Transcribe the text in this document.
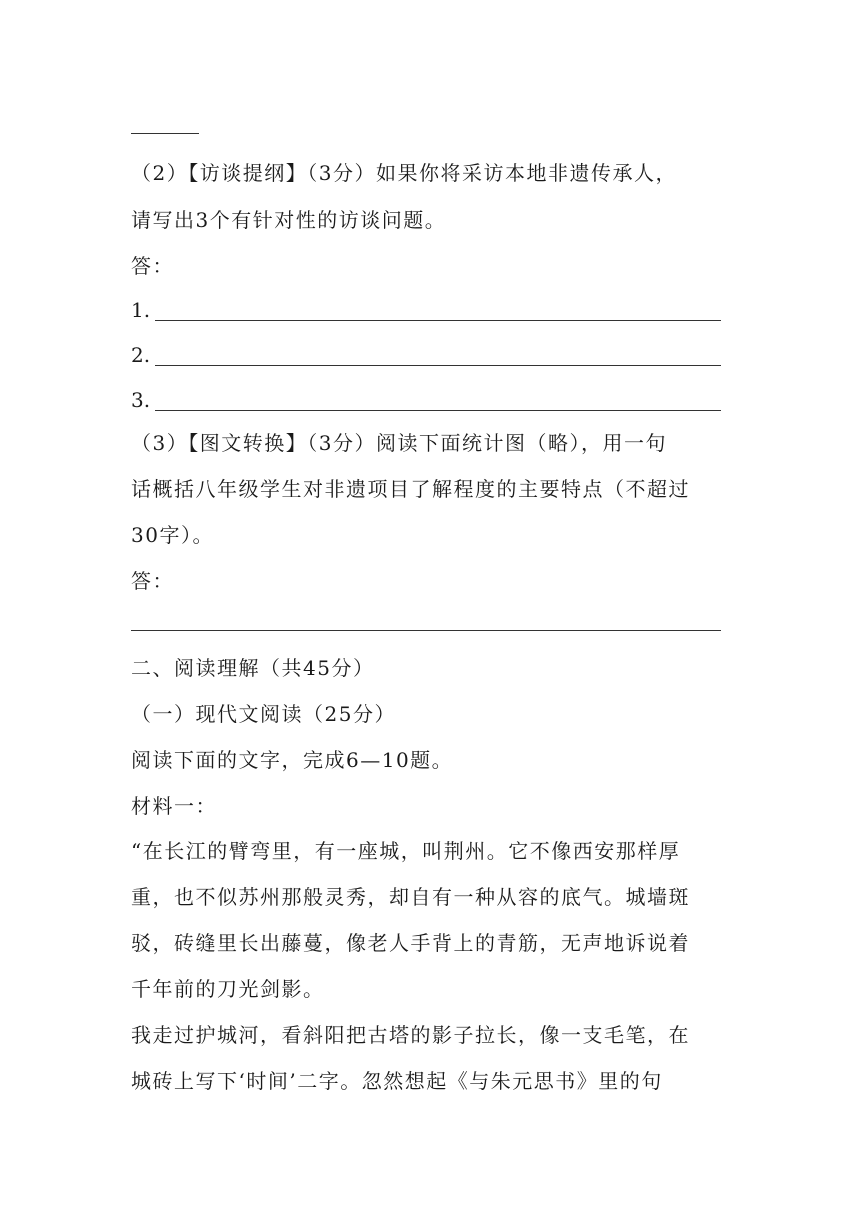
（2）【访谈提纲】（3分）如果你将采访本地非遗传承人，
请写出3个有针对性的访谈问题。
答：
1.
2.
3.
（3）【图文转换】（3分）阅读下面统计图（略），用一句
话概括八年级学生对非遗项目了解程度的主要特点（不超过
30字）。
答：
二、阅读理解（共45分）
（一）现代文阅读（25分）
阅读下面的文字，完成6—10题。
材料一：
“在长江的臂弯里，有一座城，叫荆州。它不像西安那样厚
重，也不似苏州那般灵秀，却自有一种从容的底气。城墙斑
驳，砖缝里长出藤蔓，像老人手背上的青筋，无声地诉说着
千年前的刀光剑影。
我走过护城河，看斜阳把古塔的影子拉长，像一支毛笔，在
城砖上写下‘时间’二字。忽然想起《与朱元思书》里的句
